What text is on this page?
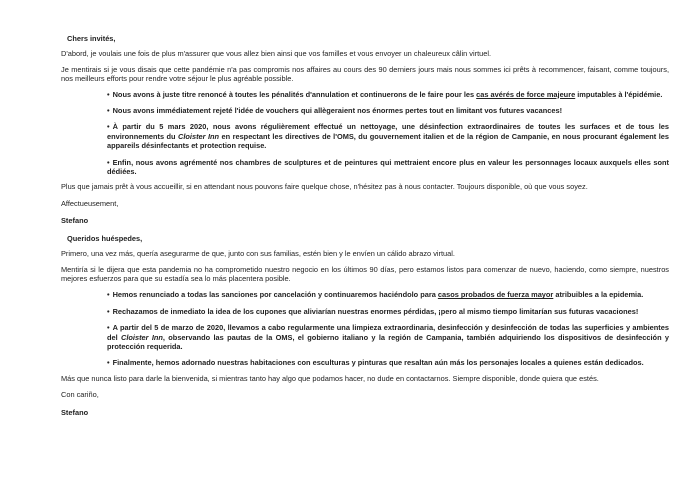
Chers invités,

D'abord, je voulais une fois de plus m'assurer que vous allez bien ainsi que vos familles et vous envoyer un chaleureux câlin virtuel.

Je mentirais si je vous disais que cette pandémie n'a pas compromis nos affaires au cours des 90 derniers jours mais nous sommes ici prêts à recommencer, faisant, comme toujours, nos meilleurs efforts pour rendre votre séjour le plus agréable possible.

• Nous avons à juste titre renoncé à toutes les pénalités d'annulation et continuerons de le faire pour les cas avérés de force majeure imputables à l'épidémie.

• Nous avons immédiatement rejeté l'idée de vouchers qui allègeraient nos énormes pertes tout en limitant vos futures vacances!

• À partir du 5 mars 2020, nous avons régulièrement effectué un nettoyage, une désinfection extraordinaires de toutes les surfaces et de tous les environnements du Cloister Inn en respectant les directives de l'OMS, du gouvernement italien et de la région de Campanie, en nous procurant également les appareils désinfectants et protection requise.

• Enfin, nous avons agrémenté nos chambres de sculptures et de peintures qui mettraient encore plus en valeur les personnages locaux auxquels elles sont dédiées.

Plus que jamais prêt à vous accueillir, si en attendant nous pouvons faire quelque chose, n'hésitez pas à nous contacter. Toujours disponible, où que vous soyez.

Affectueusement,

Stefano

Queridos huéspedes,

Primero, una vez más, quería asegurarme de que, junto con sus familias, estén bien y le envíen un cálido abrazo virtual.

Mentiría si le dijera que esta pandemia no ha comprometido nuestro negocio en los últimos 90 días, pero estamos listos para comenzar de nuevo, haciendo, como siempre, nuestros mejores esfuerzos para que su estadía sea lo más placentera posible.

• Hemos renunciado a todas las sanciones por cancelación y continuaremos haciéndolo para casos probados de fuerza mayor atribuibles a la epidemia.

• Rechazamos de inmediato la idea de los cupones que aliviarían nuestras enormes pérdidas, ¡pero al mismo tiempo limitarían sus futuras vacaciones!

• A partir del 5 de marzo de 2020, llevamos a cabo regularmente una limpieza extraordinaria, desinfección y desinfección de todas las superficies y ambientes del Cloister Inn, observando las pautas de la OMS, el gobierno italiano y la región de Campania, también adquiriendo los dispositivos de desinfección y protección requerida.

• Finalmente, hemos adornado nuestras habitaciones con esculturas y pinturas que resaltan aún más los personajes locales a quienes están dedicados.

Más que nunca listo para darle la bienvenida, si mientras tanto hay algo que podamos hacer, no dude en contactarnos. Siempre disponible, donde quiera que estés.

Con cariño,

Stefano
